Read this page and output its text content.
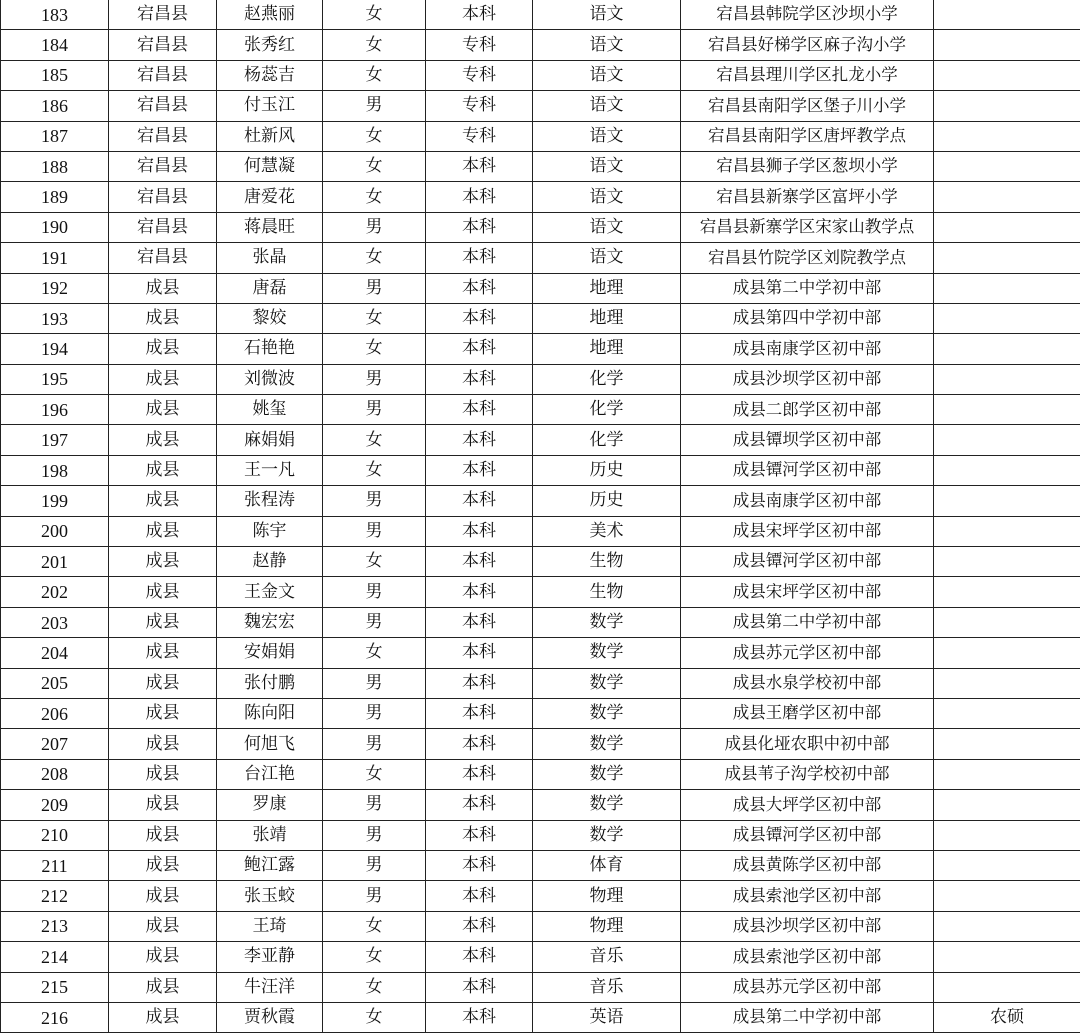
183	宕昌县	赵燕丽	女	本科	语文	宕昌县韩院学区沙坝小学	
184	宕昌县	张秀红	女	专科	语文	宕昌县好梯学区麻子沟小学	
185	宕昌县	杨蕊吉	女	专科	语文	宕昌县理川学区扎龙小学	
186	宕昌县	付玉江	男	专科	语文	宕昌县南阳学区堡子川小学	
187	宕昌县	杜新风	女	专科	语文	宕昌县南阳学区唐坪教学点	
188	宕昌县	何慧凝	女	本科	语文	宕昌县狮子学区葱坝小学	
189	宕昌县	唐爱花	女	本科	语文	宕昌县新寨学区富坪小学	
190	宕昌县	蒋晨旺	男	本科	语文	宕昌县新寨学区宋家山教学点	
191	宕昌县	张晶	女	本科	语文	宕昌县竹院学区刘院教学点	
192	成县	唐磊	男	本科	地理	成县第二中学初中部	
193	成县	黎姣	女	本科	地理	成县第四中学初中部	
194	成县	石艳艳	女	本科	地理	成县南康学区初中部	
195	成县	刘微波	男	本科	化学	成县沙坝学区初中部	
196	成县	姚玺	男	本科	化学	成县二郎学区初中部	
197	成县	麻娟娟	女	本科	化学	成县镡坝学区初中部	
198	成县	王一凡	女	本科	历史	成县镡河学区初中部	
199	成县	张程涛	男	本科	历史	成县南康学区初中部	
200	成县	陈宇	男	本科	美术	成县宋坪学区初中部	
201	成县	赵静	女	本科	生物	成县镡河学区初中部	
202	成县	王金文	男	本科	生物	成县宋坪学区初中部	
203	成县	魏宏宏	男	本科	数学	成县第二中学初中部	
204	成县	安娟娟	女	本科	数学	成县苏元学区初中部	
205	成县	张付鹏	男	本科	数学	成县水泉学校初中部	
206	成县	陈向阳	男	本科	数学	成县王磨学区初中部	
207	成县	何旭飞	男	本科	数学	成县化垭农职中初中部	
208	成县	台江艳	女	本科	数学	成县苇子沟学校初中部	
209	成县	罗康	男	本科	数学	成县大坪学区初中部	
210	成县	张靖	男	本科	数学	成县镡河学区初中部	
211	成县	鲍江露	男	本科	体育	成县黄陈学区初中部	
212	成县	张玉蛟	男	本科	物理	成县索池学区初中部	
213	成县	王琦	女	本科	物理	成县沙坝学区初中部	
214	成县	李亚静	女	本科	音乐	成县索池学区初中部	
215	成县	牛汪洋	女	本科	音乐	成县苏元学区初中部	
216	成县	贾秋霞	女	本科	英语	成县第二中学初中部	农硕
